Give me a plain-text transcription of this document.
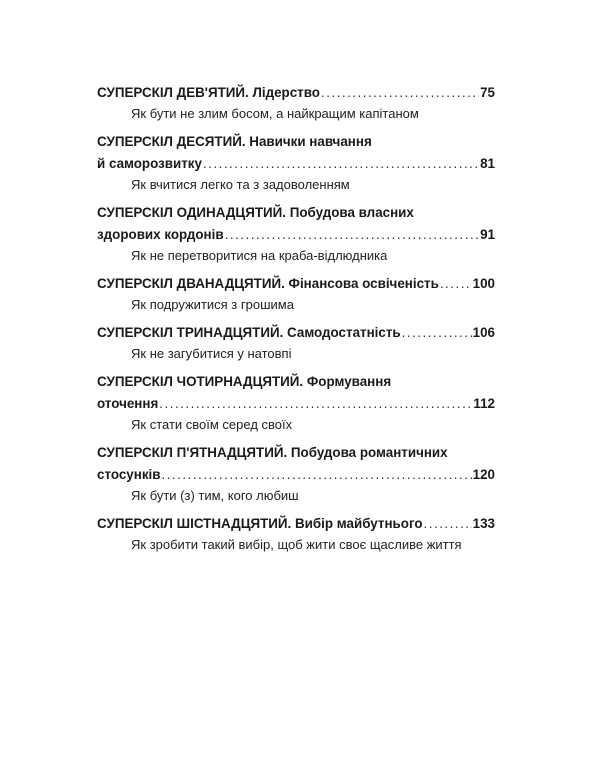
СУПЕРСКІЛ ДЕВ'ЯТИЙ. Лідерство .....	75
Як бути не злим босом, а найкращим капітаном
СУПЕРСКІЛ ДЕСЯТИЙ. Навички навчання
й саморозвитку .....	81
Як вчитися легко та з задоволенням
СУПЕРСКІЛ ОДИНАДЦЯТИЙ. Побудова власних
здорових кордонів .....	91
Як не перетворитися на краба-відлюдника
СУПЕРСКІЛ ДВАНАДЦЯТИЙ. Фінансова освіченість .....	100
Як подружитися з грошима
СУПЕРСКІЛ ТРИНАДЦЯТИЙ. Самодостатність .....	106
Як не загубитися у натовпі
СУПЕРСКІЛ ЧОТИРНАДЦЯТИЙ. Формування
оточення .....	112
Як стати своїм серед своїх
СУПЕРСКІЛ П'ЯТНАДЦЯТИЙ. Побудова романтичних
стосунків .....	120
Як бути (з) тим, кого любиш
СУПЕРСКІЛ ШІСТНАДЦЯТИЙ. Вибір майбутнього .....	133
Як зробити такий вибір, щоб жити своє щасливе життя
